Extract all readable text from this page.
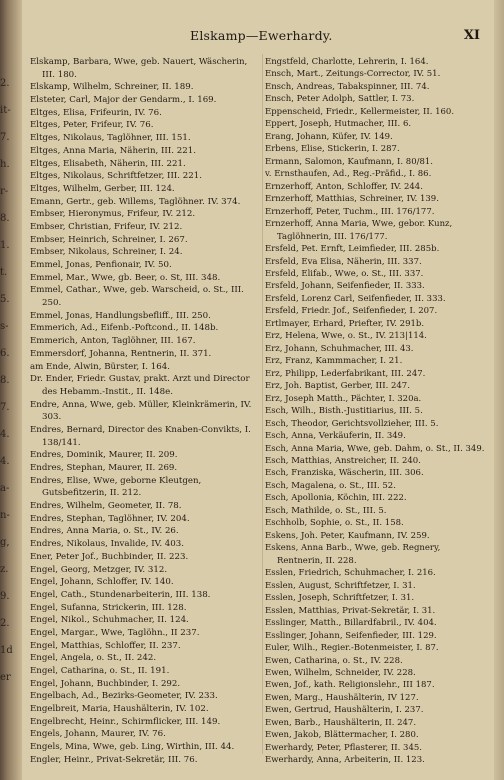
2.
it-
7.
h.
r-
8.
1.
t.
5.
s-
6.
8.
7.
4.
4.
a-
n-
g,
z.
9.
2.
1d
er
Elskamp—Ewerhardy.	XI
Elskamp, Barbara, Wwe, geb. Nauert, Wäscherin, III. 180.
Elskamp, Wilhelm, Schreiner, II. 189.
Elsteter, Carl, Major der Gendarm., I. 169.
Eltges, Elisa, Frifeurin, IV. 76.
Eltges, Peter, Frifeur, IV. 76.
Eltges, Nikolaus, Taglöhner, III. 151.
Eltges, Anna Maria, Näherin, III. 221.
Eltges, Elisabeth, Näherin, III. 221.
Eltges, Nikolaus, Schriftfetzer, III. 221.
Eltges, Wilhelm, Gerber, III. 124.
Emann, Gertr., geb. Willems, Taglöhner. IV. 374.
Embser, Hieronymus, Frifeur, IV. 212.
Embser, Christian, Frifeur, IV. 212.
Embser, Heinrich, Schreiner, I. 267.
Embser, Nikolaus, Schreiner, I. 24.
Emmel, Jonas, Penfionair, IV. 50.
Emmel, Mar., Wwe, gb. Beer, o. St, III. 348.
Emmel, Cathar., Wwe, geb. Warscheid, o. St., III. 250.
Emmel, Jonas, Handlungsbefliff., III. 250.
Emmerich, Ad., Eifenb.-Poftcond., II. 148b.
Emmerich, Anton, Taglöhner, III. 167.
Emmersdorf, Johanna, Rentnerin, II. 371.
am Ende, Alwin, Bürster, I. 164.
Dr. Ender, Friedr. Gustav, prakt. Arzt und Director des Hebamm.-Instit., II. 148e.
Endre, Anna, Wwe, geb. Müller, Kleinkrämerin, IV. 303.
Endres, Bernard, Director des Knaben-Convikts, I. 138/141.
Endres, Dominik, Maurer, II. 209.
Endres, Stephan, Maurer, II. 269.
Endres, Elise, Wwe, geborne Kleutgen, Gutsbefitzerin, II. 212.
Endres, Wilhelm, Geometer, II. 78.
Endres, Stephan, Taglöhner, IV. 204.
Endres, Anna Maria, o. St., IV. 26.
Endres, Nikolaus, Invalide, IV. 403.
Ener, Peter Jof., Buchbinder, II. 223.
Engel, Georg, Metzger, IV. 312.
Engel, Johann, Schloffer, IV. 140.
Engel, Cath., Stundenarbeiterin, III. 138.
Engel, Sufanna, Strickerin, III. 128.
Engel, Nikol., Schuhmacher, II. 124.
Engel, Margar., Wwe, Taglöhn., II 237.
Engel, Matthias, Schloffer, II. 237.
Engel, Angela, o. St., II. 242.
Engel, Catharina, o. St., II. 191.
Engel, Johann, Buchbinder, I. 292.
Engelbach, Ad., Bezirks-Geometer, IV. 233.
Engelbreit, Maria, Haushälterin, IV. 102.
Engelbrecht, Heinr., Schirmflicker, III. 149.
Engels, Johann, Maurer, IV. 76.
Engels, Mina, Wwe, geb. Ling, Wirthin, III. 44.
Engler, Heinr., Privat-Sekretär, III. 76.
Engstfeld, Charlotte, Lehrerin, I. 164.
Ensch, Mart., Zeitungs-Corrector, IV. 51.
Ensch, Andreas, Tabakspinner, III. 74.
Ensch, Peter Adolph, Sattler, I. 73.
Eppenscheid, Friedr., Kellermeister, II. 160.
Eppert, Joseph, Hutmacher, III. 6.
Erang, Johann, Küfer, IV. 149.
Erbens, Elise, Stickerin, I. 287.
Ermann, Salomon, Kaufmann, I. 80/81.
v. Ernsthaufen, Ad., Reg.-Präfid., I. 86.
Ernzerhoff, Anton, Schloffer, IV. 244.
Ernzerhoff, Matthias, Schreiner, IV. 139.
Ernzerhoff, Peter, Tuchm., III. 176/177.
Ernzerhoff, Anna Maria, Wwe, gebor. Kunz, Taglöhnerin, III. 176/177.
Ersfeld, Pet. Ernft, Leimfieder, III. 285b.
Ersfeld, Eva Elisa, Näherin, III. 337.
Ersfeld, Elifab., Wwe, o. St., III. 337.
Ersfeld, Johann, Seifenfieder, II. 333.
Ersfeld, Lorenz Carl, Seifenfieder, II. 333.
Ersfeld, Friedr. Jof., Seifenfieder, I. 207.
Ertlmayer, Erhard, Priefter, IV. 291b.
Erz, Helena, Wwe, o. St., IV. 213|114.
Erz, Johann, Schuhmacher, III. 43.
Erz, Franz, Kammmacher, I. 21.
Erz, Philipp, Lederfabrikant, III. 247.
Erz, Joh. Baptist, Gerber, III. 247.
Erz, Joseph Matth., Pächter, I. 320a.
Esch, Wilh., Bisth.-Justitiarius, III. 5.
Esch, Theodor, Gerichtsvollzieher, III. 5.
Esch, Anna, Verkäuferin, II. 349.
Esch, Anna Maria, Wwe, geb. Dahm, o. St., II. 349.
Esch, Matthias, Anstreicher, II. 240.
Esch, Franziska, Wäscherin, III. 306.
Esch, Magalena, o. St., III. 52.
Esch, Apollonia, Köchin, III. 222.
Esch, Mathilde, o. St., III. 5.
Eschholb, Sophie, o. St., II. 158.
Eskens, Joh. Peter, Kaufmann, IV. 259.
Eskens, Anna Barb., Wwe, geb. Regnery, Rentnerin, II. 228.
Esslen, Friedrich, Schuhmacher, I. 216.
Esslen, August, Schriftfetzer, I. 31.
Esslen, Joseph, Schriftfetzer, I. 31.
Esslen, Matthias, Privat-Sekretär, I. 31.
Esslinger, Matth., Billardfabril., IV. 404.
Esslinger, Johann, Seifenfieder, III. 129.
Euler, Wilh., Regier.-Botenmeister, I. 87.
Ewen, Catharina, o. St., IV. 228.
Ewen, Wilhelm, Schneider, IV. 228.
Ewen, Jof., kath. Religionslehr., III 187.
Ewen, Marg., Haushälterin, IV 127.
Ewen, Gertrud, Haushälterin, I. 237.
Ewen, Barb., Haushälterin, II. 247.
Ewen, Jakob, Blättermacher, I. 280.
Ewerhardy, Peter, Pflasterer, II. 345.
Ewerhardy, Anna, Arbeiterin, II. 123.
